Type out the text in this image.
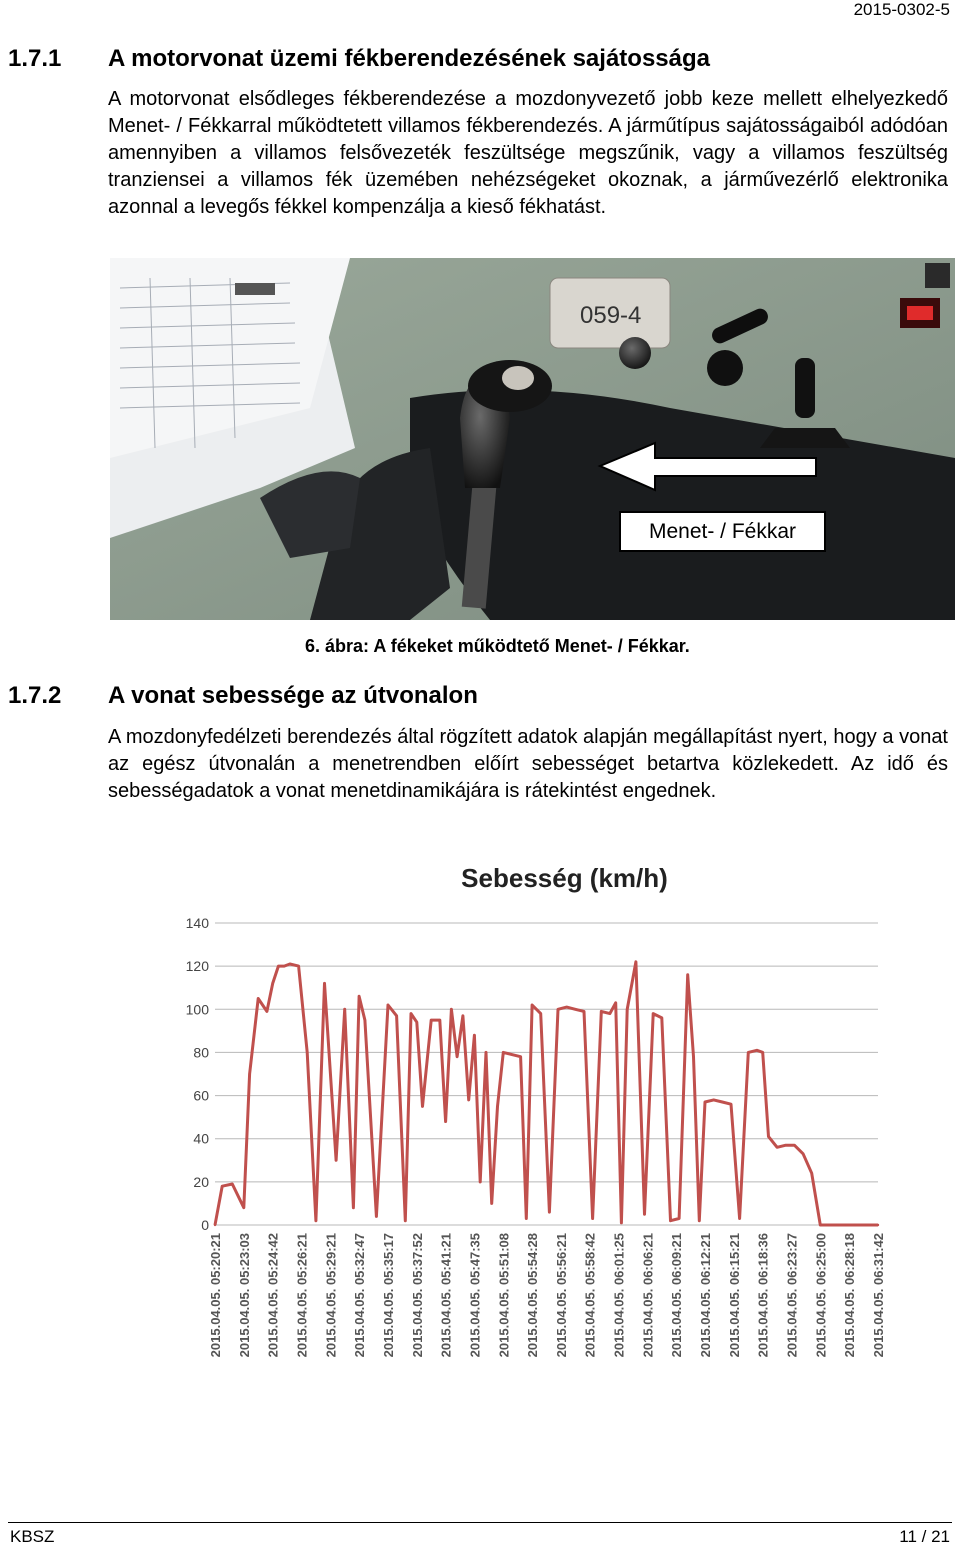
2015-0302-5
1.7.1	A motorvonat üzemi fékberendezésének sajátossága

A motorvonat elsődleges fékberendezése a mozdonyvezető jobb keze mellett elhelyezkedő Menet- / Fékkarral működtetett villamos fékberendezés. A járműtípus sajátosságaiból adódóan amennyiben a villamos felsővezeték feszültsége megszűnik, vagy a villamos feszültség tranziensei a villamos fék üzemében nehézségeket okoznak, a járművezérlő elektronika azonnal a levegős fékkel kompenzálja a kieső fékhatást.

059-4
Menet- / Fékkar
6. ábra: A fékeket működtető Menet- / Fékkar.
1.7.2	A vonat sebessége az útvonalon

A mozdonyfedélzeti berendezés által rögzített adatok alapján megállapítást nyert, hogy a vonat az egész útvonalán a menetrendben előírt sebességet betartva közlekedett. Az idő és sebességadatok a vonat menetdinamikájára is rátekintést engednek.

Sebesség (km/h)
0
20
40
60
80
100
120
140
2015.04.05. 05:20:21 2015.04.05. 05:23:03 2015.04.05. 05:24:42 2015.04.05. 05:26:21 2015.04.05. 05:29:21 2015.04.05. 05:32:47 2015.04.05. 05:35:17 2015.04.05. 05:37:52 2015.04.05. 05:41:21 2015.04.05. 05:47:35 2015.04.05. 05:51:08 2015.04.05. 05:54:28 2015.04.05. 05:56:21 2015.04.05. 05:58:42 2015.04.05. 06:01:25 2015.04.05. 06:06:21 2015.04.05. 06:09:21 2015.04.05. 06:12:21 2015.04.05. 06:15:21 2015.04.05. 06:18:36 2015.04.05. 06:23:27 2015.04.05. 06:25:00 2015.04.05. 06:28:18 2015.04.05. 06:31:42
KBSZ	11 / 21
